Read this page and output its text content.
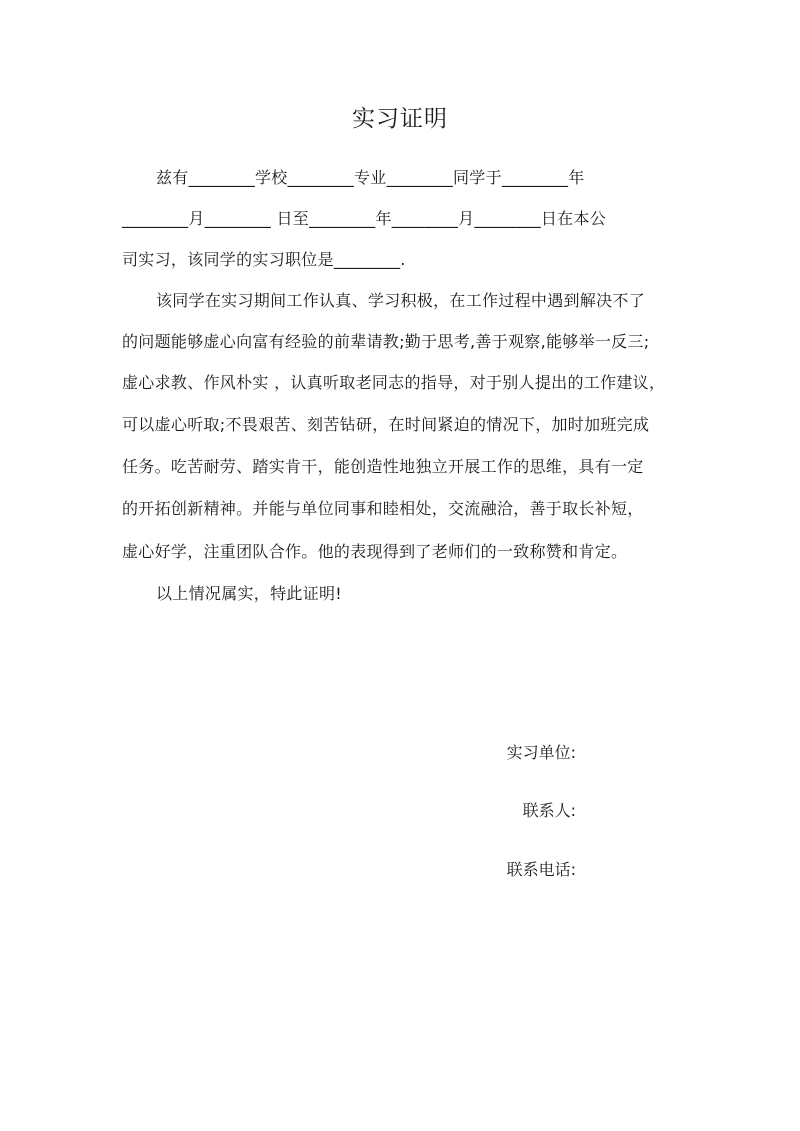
实习证明
兹有________学校________专业________同学于________年
________月________ 日至________年________月________日在本公
司实习，该同学的实习职位是________.
该同学在实习期间工作认真、学习积极，在工作过程中遇到解决不了
的问题能够虚心向富有经验的前辈请教;勤于思考,善于观察,能够举一反三;
虚心求教、作风朴实 ，认真听取老同志的指导，对于别人提出的工作建议，
可以虚心听取;不畏艰苦、刻苦钻研，在时间紧迫的情况下，加时加班完成
任务。吃苦耐劳、踏实肯干，能创造性地独立开展工作的思维，具有一定
的开拓创新精神。并能与单位同事和睦相处，交流融洽，善于取长补短，
虚心好学，注重团队合作。他的表现得到了老师们的一致称赞和肯定。
以上情况属实，特此证明!
实习单位:
联系人:
联系电话:
